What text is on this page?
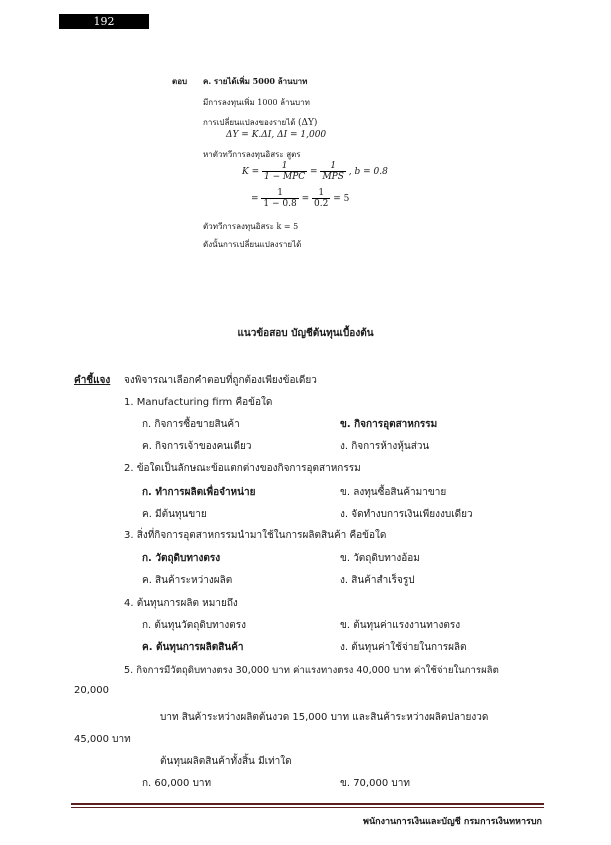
192
ตอบ ค. รายได้เพิ่ม 5000 ล้านบาท
มีการลงทุนเพิ่ม 1000 ล้านบาท
การเปลี่ยนแปลงของรายได้ (ΔY)
ΔY = K.ΔI, ΔI = 1,000
หาตัวทวีการลงทุนอิสระ สูตร
$K = \frac{1}{\text{1 − MPC}} = \frac{1}{\text{MPS}}$ , b = 0.8
= $\frac{1}{1 - 0.8} = \frac{1}{0.2} = 5$
ตัวทวีการลงทุนอิสระ k = 5
ดังนั้นการเปลี่ยนแปลงรายได้
แนวข้อสอบ บัญชีต้นทุนเบื้องต้น
คำชี้แจง จงพิจารณาเลือกคำตอบที่ถูกต้องเพียงข้อเดียว
1. Manufacturing firm คือข้อใด
ก. กิจการซื้อขายสินค้า	ข. กิจการอุตสาหกรรม
ค. กิจการเจ้าของคนเดียว	ง. กิจการห้างหุ้นส่วน
2. ข้อใดเป็นลักษณะข้อแตกต่างของกิจการอุตสาหกรรม
ก. ทำการผลิตเพื่อจำหน่าย	ข. ลงทุนซื้อสินค้ามาขาย
ค. มีต้นทุนขาย	ง. จัดทำงบการเงินเพียงงบเดียว
3. สิ่งที่กิจการอุตสาหกรรมนำมาใช้ในการผลิตสินค้า คือข้อใด
ก. วัตถุดิบทางตรง	ข. วัตถุดิบทางอ้อม
ค. สินค้าระหว่างผลิต	ง. สินค้าสำเร็จรูป
4. ต้นทุนการผลิต หมายถึง
ก. ต้นทุนวัตถุดิบทางตรง	ข. ต้นทุนค่าแรงงานทางตรง
ค. ต้นทุนการผลิตสินค้า	ง. ต้นทุนค่าใช้จ่ายในการผลิต
5. กิจการมีวัตถุดิบทางตรง 30,000 บาท ค่าแรงทางตรง 40,000 บาท ค่าใช้จ่ายในการผลิต
20,000
บาท สินค้าระหว่างผลิตต้นงวด 15,000 บาท และสินค้าระหว่างผลิตปลายงวด
45,000 บาท
ต้นทุนผลิตสินค้าทั้งสิ้น มีเท่าใด
ก. 60,000 บาท	ข. 70,000 บาท
พนักงานการเงินและบัญชี กรมการเงินทหารบก
